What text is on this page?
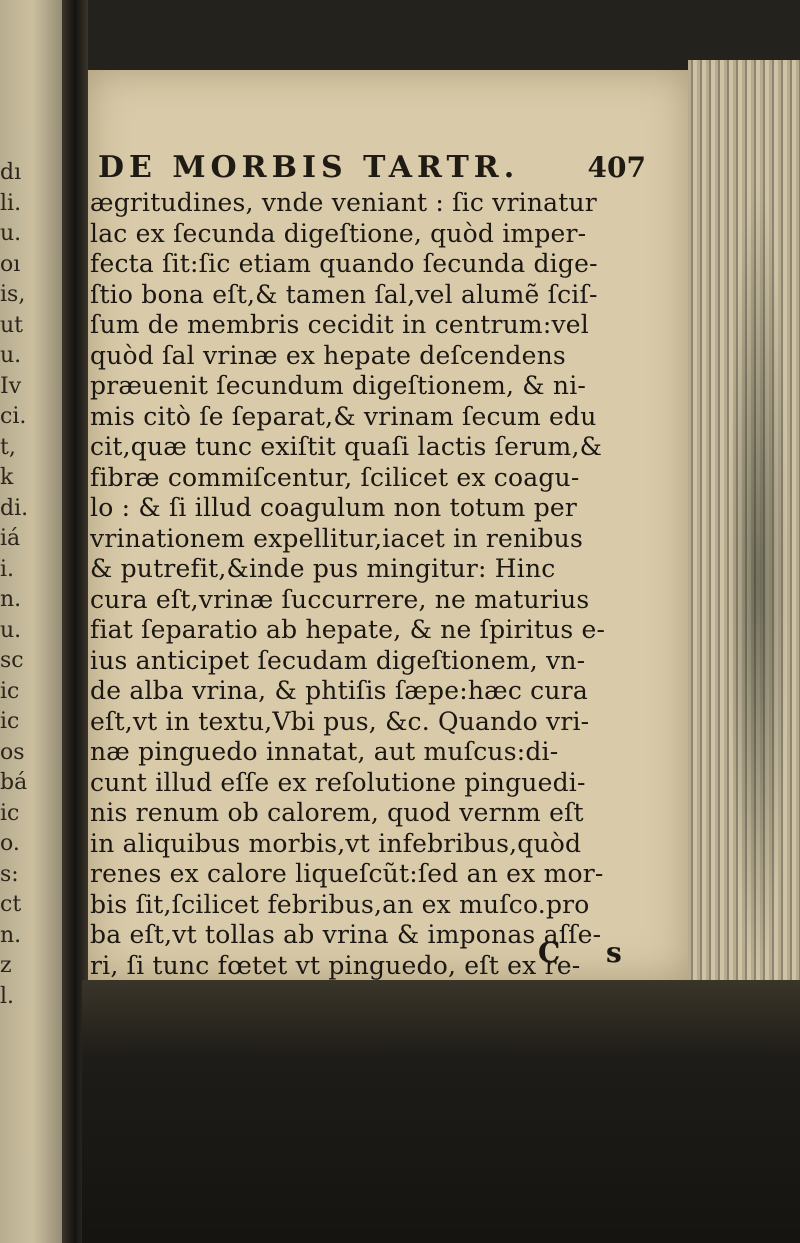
dı
li.
u.
oı
is,
ut
u.
Iv
ci.
t,
k
di.
iá
i.
n.
u.
sc
ic
ic
os
bá
ic
o.
s:
ct
n.
z
l.
DE MORBIS TARTR. 407
ægritudines, vnde veniant : ſic vrinatur
lac ex ſecunda digeſtione, quòd imper-
fecta ſit:ſic etiam quando ſecunda dige-
ſtio bona eſt,& tamen ſal,vel alumẽ ſciſ-
ſum de membris cecidit in centrum:vel
quòd ſal vrinæ ex hepate deſcendens
præuenit ſecundum digeſtionem, & ni-
mis citò ſe ſeparat,& vrinam ſecum edu
cit,quæ tunc exiſtit quaſi lactis ſerum,&
fibræ commiſcentur, ſcilicet ex coagu-
lo : & ſi illud coagulum non totum per
vrinationem expellitur,iacet in renibus
& putrefit,&inde pus mingitur: Hinc
cura eſt,vrinæ ſuccurrere, ne maturius
fiat ſeparatio ab hepate, & ne ſpiritus e-
ius anticipet ſecudam digeſtionem, vn-
de alba vrina, & phtiſis ſæpe:hæc cura
eſt,vt in textu,Vbi pus, &c. Quando vri-
næ pinguedo innatat, aut muſcus:di-
cunt illud eſſe ex reſolutione pinguedi-
nis renum ob calorem, quod vernm eſt
in aliquibus morbis,vt infebribus,quòd
renes ex calore liqueſcũt:ſed an ex mor-
bis ſit,ſcilicet febribus,an ex muſco.pro
ba eſt,vt tollas ab vrina & imponas aſſe-
ri, ſi tunc fœtet vt pinguedo, eſt ex re-
C s
